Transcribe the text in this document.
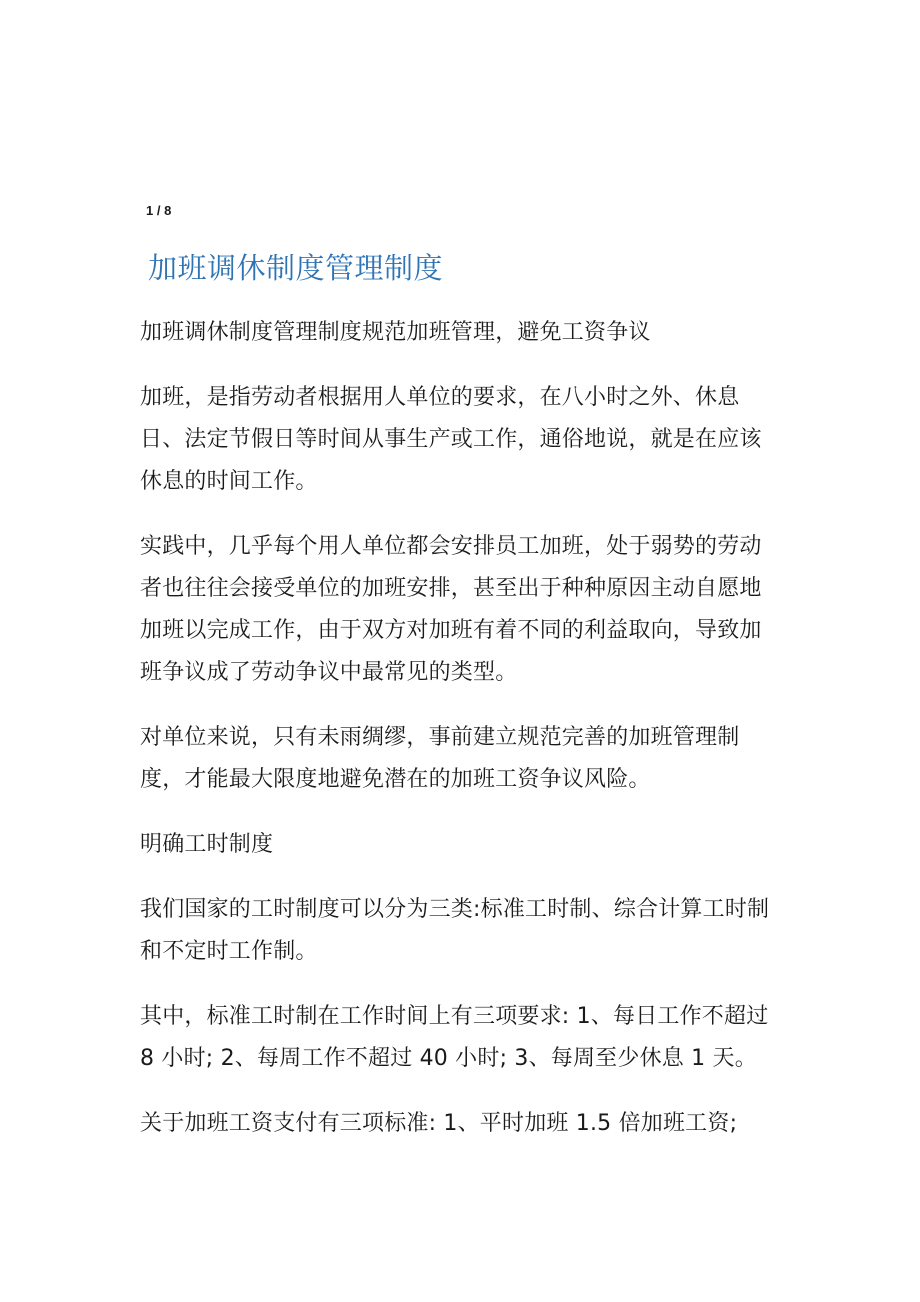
1 / 8
加班调休制度管理制度

加班调休制度管理制度规范加班管理，避免工资争议

加班，是指劳动者根据用人单位的要求，在八小时之外、休息日、法定节假日等时间从事生产或工作，通俗地说，就是在应该休息的时间工作。

实践中，几乎每个用人单位都会安排员工加班，处于弱势的劳动者也往往会接受单位的加班安排，甚至出于种种原因主动自愿地加班以完成工作，由于双方对加班有着不同的利益取向，导致加班争议成了劳动争议中最常见的类型。

对单位来说，只有未雨绸缪，事前建立规范完善的加班管理制度，才能最大限度地避免潜在的加班工资争议风险。

明确工时制度

我们国家的工时制度可以分为三类:标准工时制、综合计算工时制和不定时工作制。

其中，标准工时制在工作时间上有三项要求: 1、每日工作不超过 8 小时; 2、每周工作不超过 40 小时; 3、每周至少休息 1 天。

关于加班工资支付有三项标准: 1、平时加班 1.5 倍加班工资;
